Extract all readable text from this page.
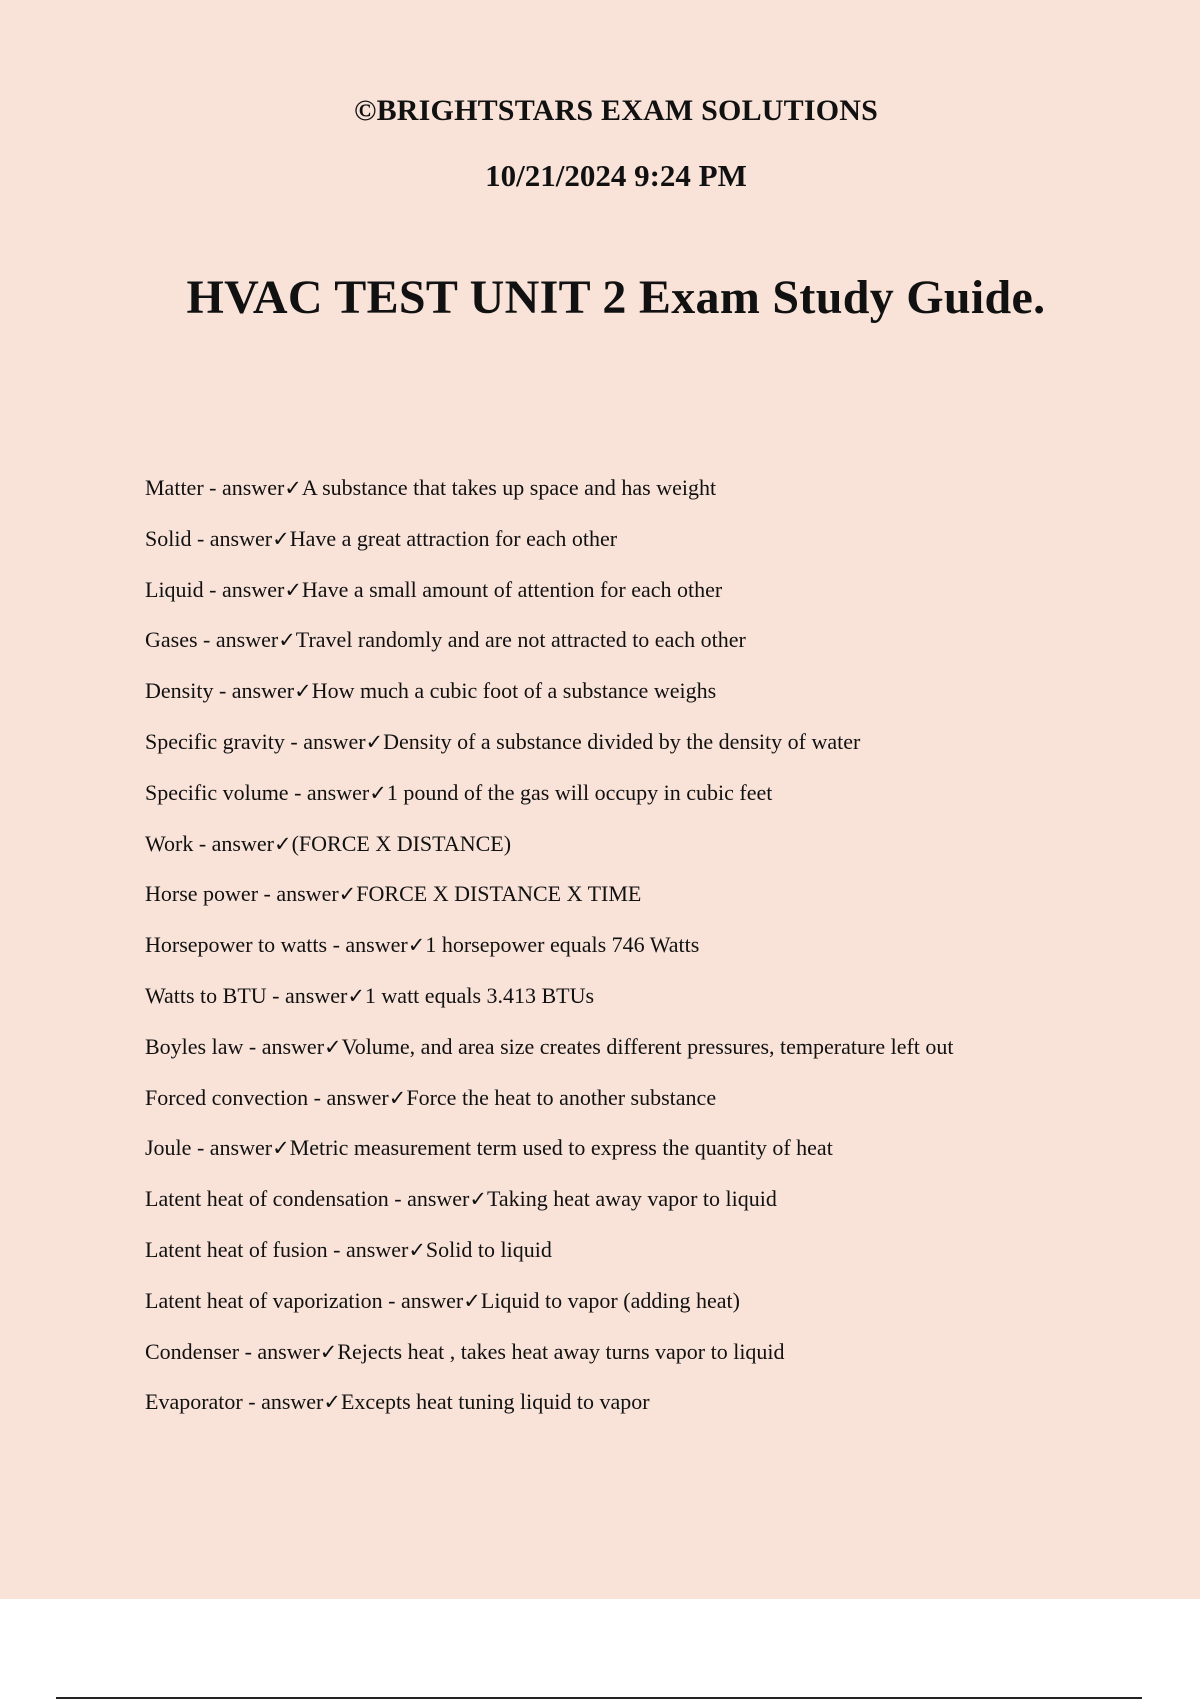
©BRIGHTSTARS EXAM SOLUTIONS
10/21/2024 9:24 PM
HVAC TEST UNIT 2 Exam Study Guide.
Matter - answer✓A substance that takes up space and has weight
Solid - answer✓Have a great attraction for each other
Liquid - answer✓Have a small amount of attention for each other
Gases - answer✓Travel randomly and are not attracted to each other
Density - answer✓How much a cubic foot of a substance weighs
Specific gravity - answer✓Density of a substance divided by the density of water
Specific volume - answer✓1 pound of the gas will occupy in cubic feet
Work - answer✓(FORCE X DISTANCE)
Horse power - answer✓FORCE X DISTANCE X TIME
Horsepower to watts - answer✓1 horsepower equals 746 Watts
Watts to BTU - answer✓1 watt equals 3.413 BTUs
Boyles law - answer✓Volume, and area size creates different pressures, temperature left out
Forced convection - answer✓Force the heat to another substance
Joule - answer✓Metric measurement term used to express the quantity of heat
Latent heat of condensation - answer✓Taking heat away vapor to liquid
Latent heat of fusion - answer✓Solid to liquid
Latent heat of vaporization - answer✓Liquid to vapor (adding heat)
Condenser - answer✓Rejects heat , takes heat away turns vapor to liquid
Evaporator - answer✓Excepts heat tuning liquid to vapor
